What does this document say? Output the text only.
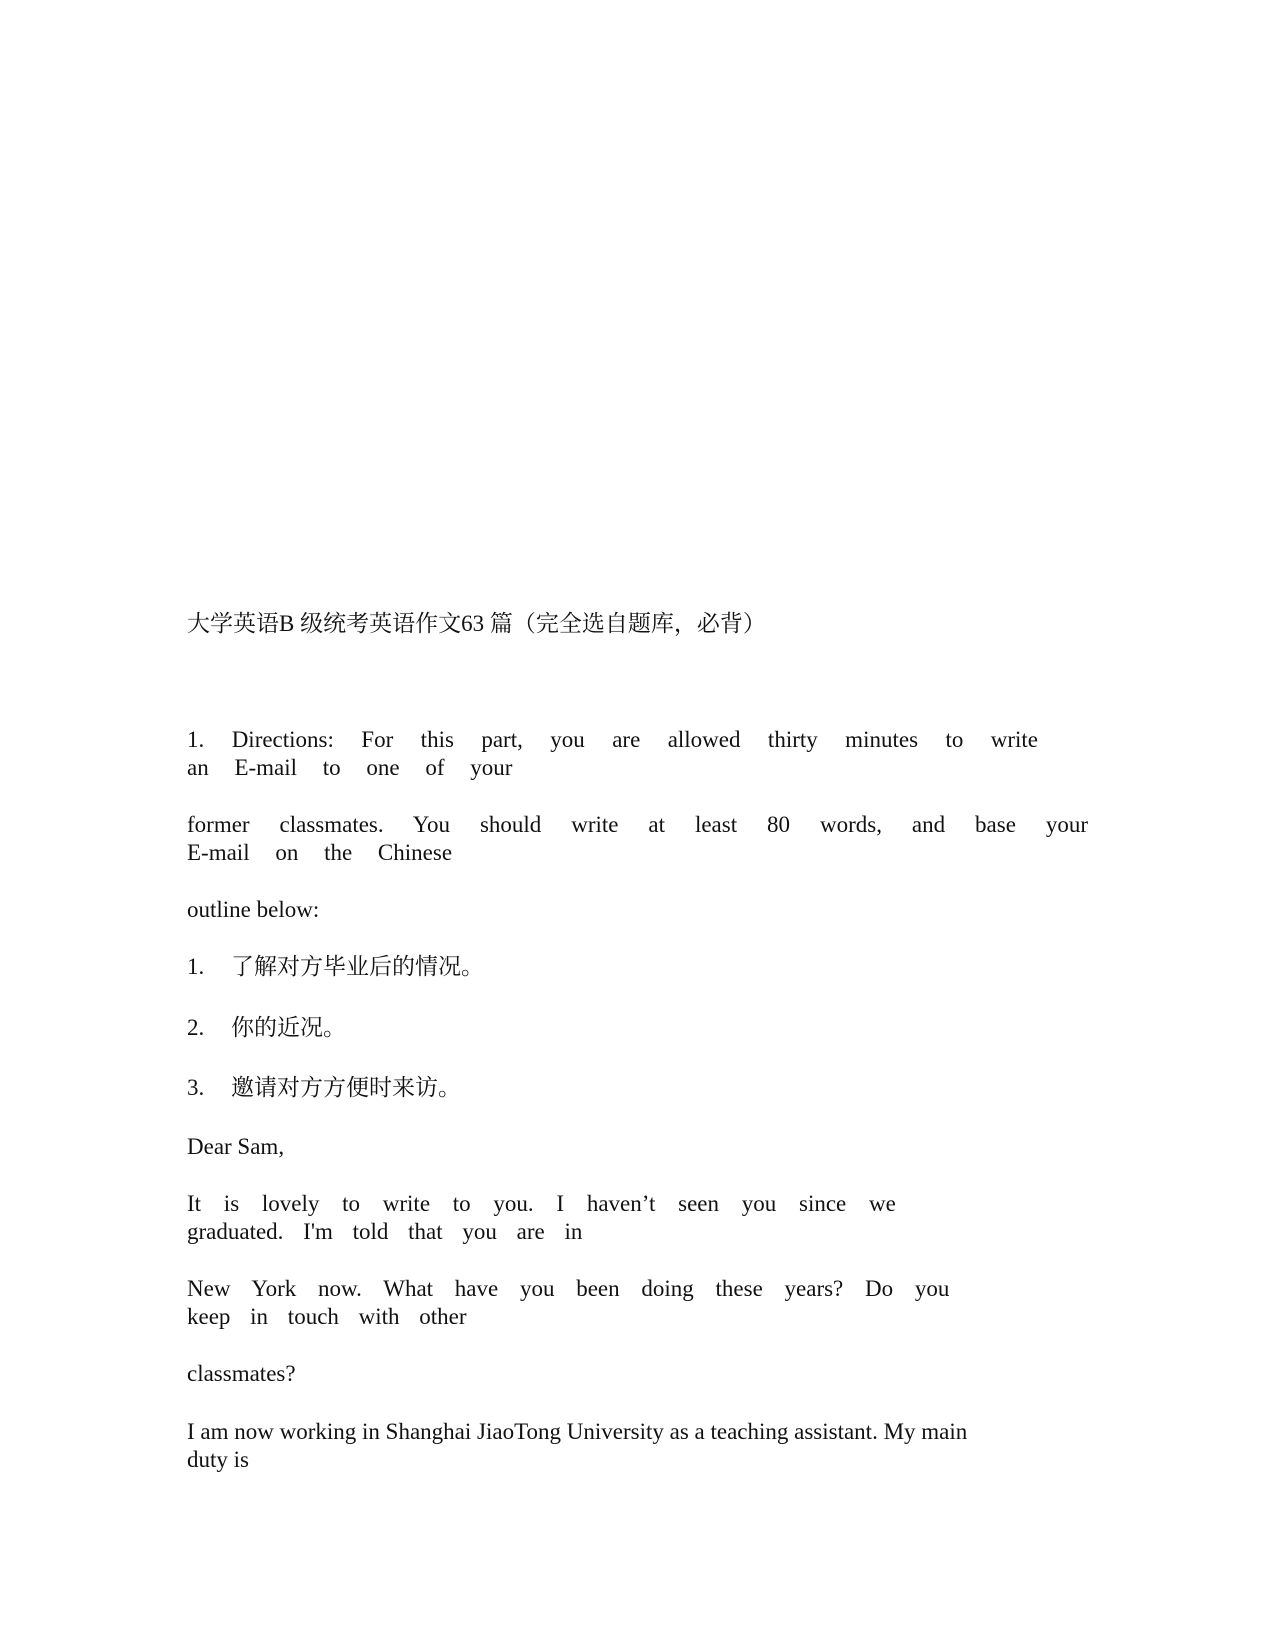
大学英语B 级统考英语作文63 篇（完全选自题库，必背）
1. Directions: For this part, you are allowed thirty minutes to write
an E-mail to one of your
former classmates. You should write at least 80 words, and base your
E-mail on the Chinese
outline below:
1. 了解对方毕业后的情况。
2. 你的近况。
3. 邀请对方方便时来访。
Dear Sam,
It is lovely to write to you. I haven’t seen you since we
graduated. I'm told that you are in
New York now. What have you been doing these years? Do you
keep in touch with other
classmates?
I am now working in Shanghai JiaoTong University as a teaching assistant. My main
duty is
